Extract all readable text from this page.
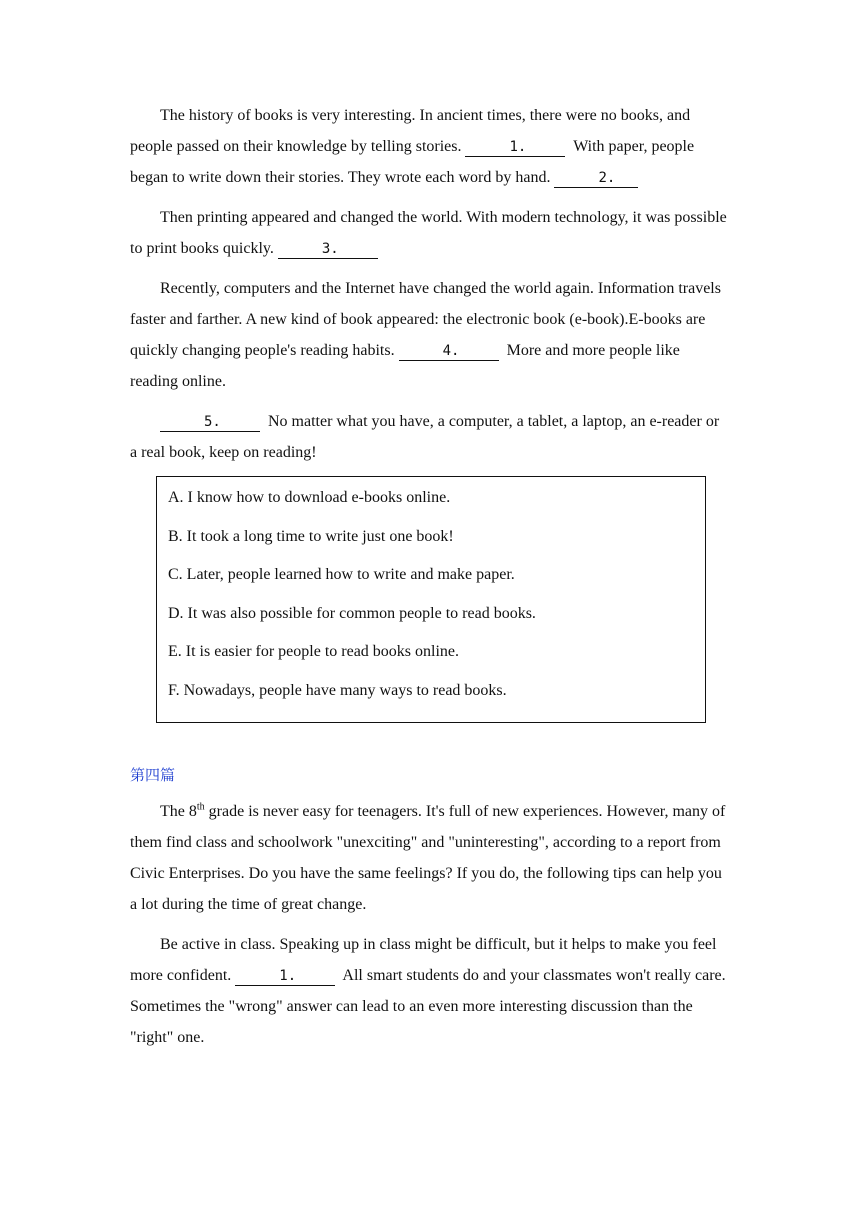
The history of books is very interesting. In ancient times, there were no books, and people passed on their knowledge by telling stories.	1.	With paper, people began to write down their stories. They wrote each word by hand.	2.

Then printing appeared and changed the world. With modern technology, it was possible to print books quickly.	3.

Recently, computers and the Internet have changed the world again. Information travels faster and farther. A new kind of book appeared: the electronic book (e-book).E-books are quickly changing people's reading habits.	4.	More and more people like reading online.

5.	No matter what you have, a computer, a tablet, a laptop, an e-reader or a real book, keep on reading!

A. I know how to download e-books online.

B. It took a long time to write just one book!

C. Later, people learned how to write and make paper.

D. It was also possible for common people to read books.

E. It is easier for people to read books online.

F. Nowadays, people have many ways to read books.

第四篇

The 8th grade is never easy for teenagers. It's full of new experiences. However, many of them find class and schoolwork "unexciting" and "uninteresting", according to a report from Civic Enterprises. Do you have the same feelings? If you do, the following tips can help you a lot during the time of great change.

Be active in class. Speaking up in class might be difficult, but it helps to make you feel more confident.	1.	All smart students do and your classmates won't really care. Sometimes the "wrong" answer can lead to an even more interesting discussion than the "right" one.
